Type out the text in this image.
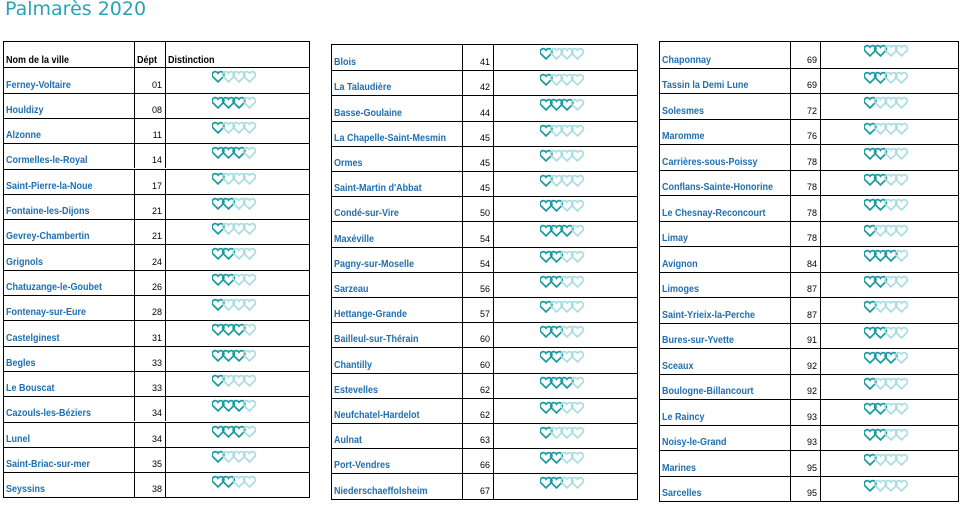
Palmarès 2020
Nom de la ville	Dépt Distinction
Ferney-Voltaire	01
Houldizy	08
Alzonne	11
Cormelles-le-Royal	14
Saint-Pierre-la-Noue	17
Fontaine-les-Dijons	21
Gevrey-Chambertin	21
Grignols	24
Chatuzange-le-Goubet	26
Fontenay-sur-Eure	28
Castelginest	31
Begles	33
Le Bouscat	33
Cazouls-les-Béziers	34
Lunel	34
Saint-Briac-sur-mer	35
Seyssins	38
Blois	41
La Talaudière	42
Basse-Goulaine	44
La Chapelle-Saint-Mesmin	45
Ormes	45
Saint-Martin d'Abbat	45
Condé-sur-Vire	50
Maxéville	54
Pagny-sur-Moselle	54
Sarzeau	56
Hettange-Grande	57
Bailleul-sur-Thérain	60
Chantilly	60
Estevelles	62
Neufchatel-Hardelot	62
Aulnat	63
Port-Vendres	66
Niederschaeffolsheim	67
Chaponnay	69
Tassin la Demi Lune	69
Solesmes	72
Maromme	76
Carrières-sous-Poissy	78
Conflans-Sainte-Honorine	78
Le Chesnay-Reconcourt	78
Limay	78
Avignon	84
Limoges	87
Saint-Yrieix-la-Perche	87
Bures-sur-Yvette	91
Sceaux	92
Boulogne-Billancourt	92
Le Raincy	93
Noisy-le-Grand	93
Marines	95
Sarcelles	95
